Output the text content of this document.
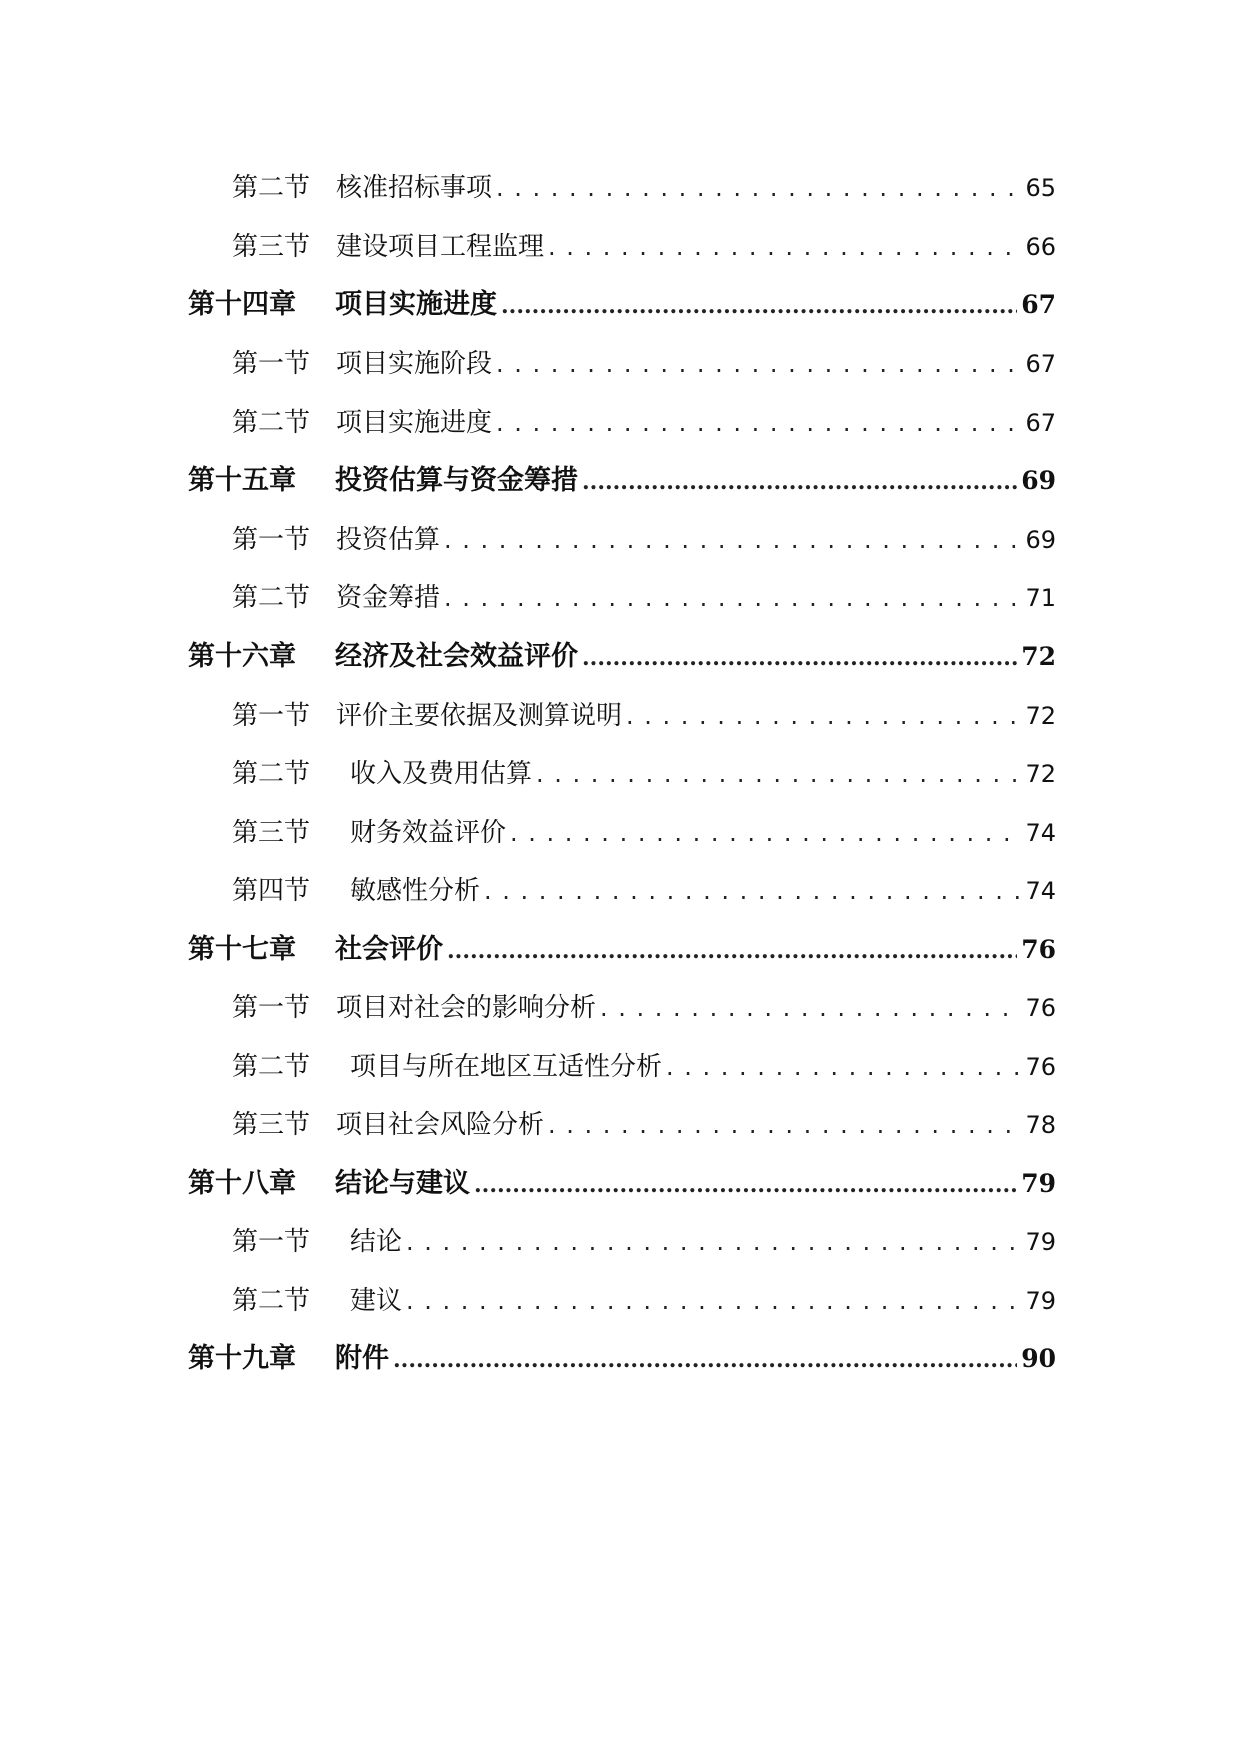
第二节 核准招标事项 . . .	65
第三节 建设项目工程监理 . . .	66
第十四章	项目实施进度 .....	67
第一节 项目实施阶段 . . .	67
第二节 项目实施进度 . . .	67
第十五章	投资估算与资金筹措 .....	69
第一节 投资估算 . . .	69
第二节 资金筹措 . . .	71
第十六章	经济及社会效益评价 .....	72
第一节 评价主要依据及测算说明 . . .	72
第二节	收入及费用估算 . . .	72
第三节	财务效益评价 . . .	74
第四节	敏感性分析 . . .	74
第十七章	社会评价 .....	76
第一节 项目对社会的影响分析 . . .	76
第二节	项目与所在地区互适性分析 . . .	76
第三节 项目社会风险分析 . . .	78
第十八章	结论与建议 .....	79
第一节	结论 . . .	79
第二节	建议 . . .	79
第十九章	附件 .....	90
